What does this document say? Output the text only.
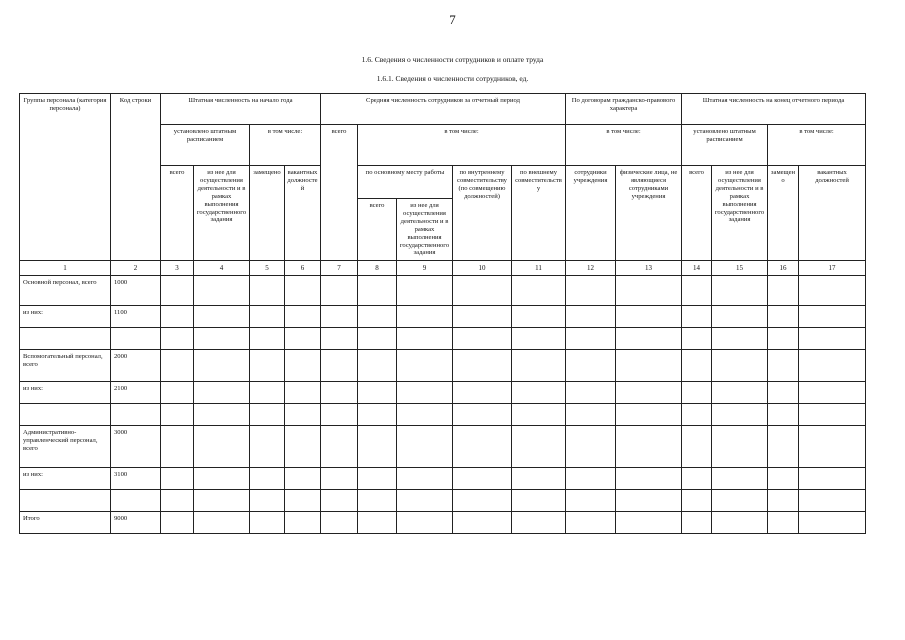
7
1.6. Сведения о численности сотрудников и оплате труда
1.6.1. Сведения о численности сотрудников, ед.
Группы персонала (категория персонала)	Код строки	Штатная численность на начало года				Средняя численность сотрудников за отчетный период					По договорам гражданско-правового характера		Штатная численность на конец отчетного периода			
		установлено штатным расписанием		в том числе:		всего	в том числе:				в том числе:		установлено штатным расписанием		в том числе:	
		всего	из нее для осуществления деятельности и в рамках выполнения государственного задания	замещено	вакантных должностей		по основному месту работы		по внутреннему совместительству (по совмещению должностей)	по внешнему совместительству	сотрудники учреждения	физические лица, не являющиеся сотрудниками учреждения	всего	из нее для осуществления деятельности и в рамках выполнения государственного задания	замещено	вакантных должностей
							всего	из нее для осуществления деятельности и в рамках выполнения государственного задания								
1	2	3	4	5	6	7	8	9	10	11	12	13	14	15	16	17
Основной персонал, всего	1000															
из них:	1100															

Вспомогательный персонал, всего	2000															
из них:	2100															

Административно-управленческий персонал, всего	3000															
из них:	3100															

Итого	9000															
